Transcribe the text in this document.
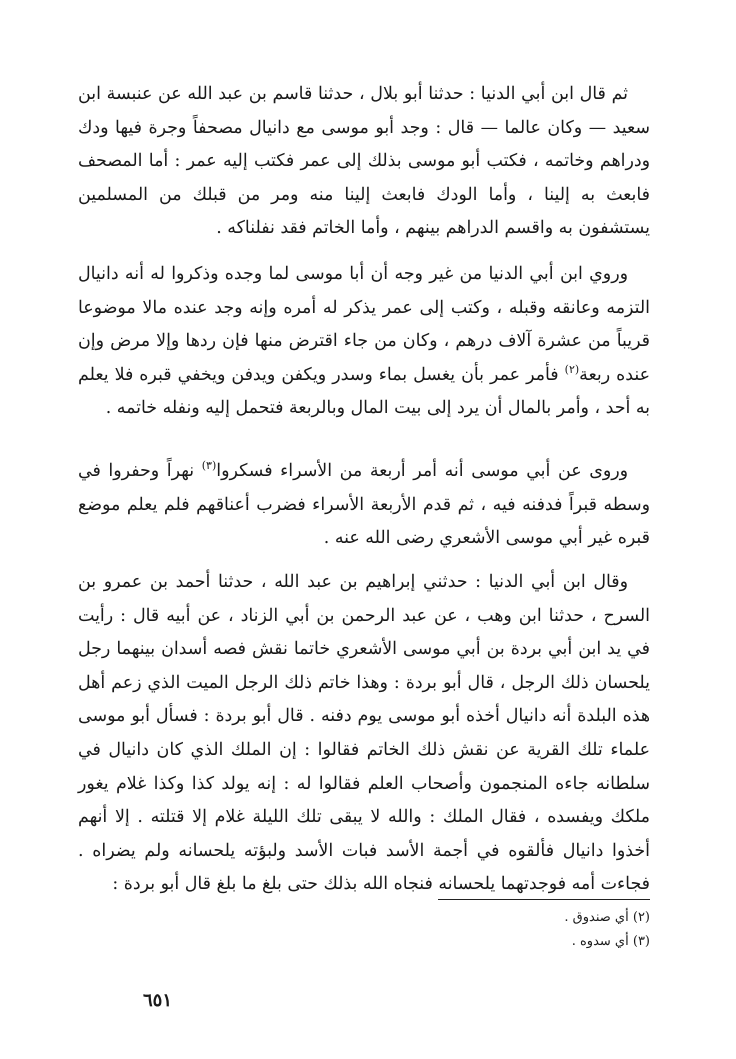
ثم قال ابن أبي الدنيا : حدثنا أبو بلال ، حدثنا قاسم بن عبد الله عن عنبسة ابن سعيد — وكان عالما — قال : وجد أبو موسى مع دانيال مصحفاً وجرة فيها ودك ودراهم وخاتمه ، فكتب أبو موسى بذلك إلى عمر فكتب إليه عمر : أما المصحف فابعث به إلينا ، وأما الودك فابعث إلينا منه ومر من قبلك من المسلمين يستشفون به واقسم الدراهم بينهم ، وأما الخاتم فقد نفلناكه .

وروي ابن أبي الدنيا من غير وجه أن أبا موسى لما وجده وذكروا له أنه دانيال التزمه وعانقه وقبله ، وكتب إلى عمر يذكر له أمره وإنه وجد عنده مالا موضوعا قريباً من عشرة آلاف درهم ، وكان من جاء اقترض منها فإن ردها وإلا مرض وإن عنده ربعة$^{(٢)}$ فأمر عمر بأن يغسل بماء وسدر ويكفن ويدفن ويخفي قبره فلا يعلم به أحد ، وأمر بالمال أن يرد إلى بيت المال وبالربعة فتحمل إليه ونفله خاتمه .

وروى عن أبي موسى أنه أمر أربعة من الأسراء فسكروا$^{(٣)}$ نهراً وحفروا في وسطه قبراً فدفنه فيه ، ثم قدم الأربعة الأسراء فضرب أعناقهم فلم يعلم موضع قبره غير أبي موسى الأشعري رضى الله عنه .

وقال ابن أبي الدنيا : حدثني إبراهيم بن عبد الله ، حدثنا أحمد بن عمرو بن السرح ، حدثنا ابن وهب ، عن عبد الرحمن بن أبي الزناد ، عن أبيه قال : رأيت في يد ابن أبي بردة بن أبي موسى الأشعري خاتما نقش فصه أسدان بينهما رجل يلحسان ذلك الرجل ، قال أبو بردة : وهذا خاتم ذلك الرجل الميت الذي زعم أهل هذه البلدة أنه دانيال أخذه أبو موسى يوم دفنه . قال أبو بردة : فسأل أبو موسى علماء تلك القرية عن نقش ذلك الخاتم فقالوا : إن الملك الذي كان دانيال في سلطانه جاءه المنجمون وأصحاب العلم فقالوا له : إنه يولد كذا وكذا غلام يغور ملكك ويفسده ، فقال الملك : والله لا يبقى تلك الليلة غلام إلا قتلته . إلا أنهم أخذوا دانيال فألقوه في أجمة الأسد فبات الأسد ولبؤته يلحسانه ولم يضراه . فجاءت أمه فوجدتهما يلحسانه فنجاه الله بذلك حتى بلغ ما بلغ قال أبو بردة :

(٢) أي صندوق .
(٣) أي سدوه .
٦٥١
